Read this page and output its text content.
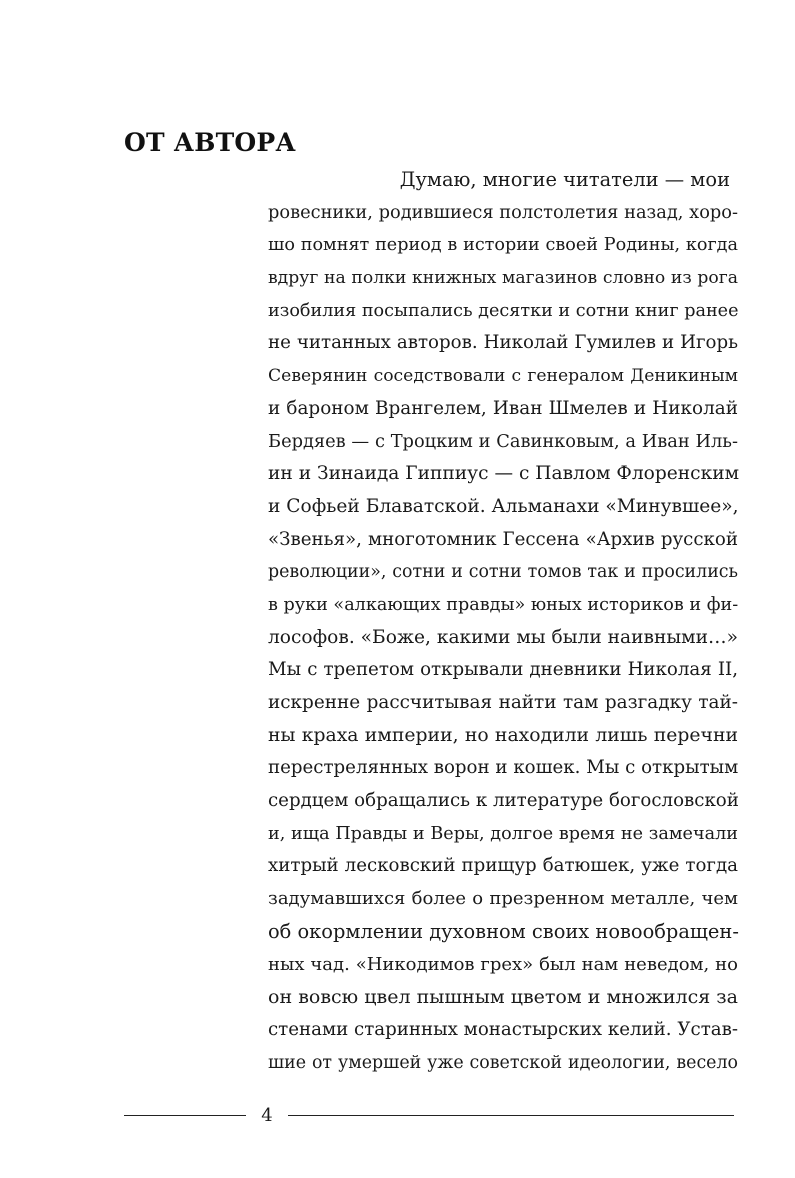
ОТ АВТОРА
Думаю, многие читатели — мои
ровесники, родившиеся полстолетия назад, хоро-
шо помнят период в истории своей Родины, когда
вдруг на полки книжных магазинов словно из рога
изобилия посыпались десятки и сотни книг ранее
не читанных авторов. Николай Гумилев и Игорь
Северянин соседствовали с генералом Деникиным
и бароном Врангелем, Иван Шмелев и Николай
Бердяев — с Троцким и Савинковым, а Иван Иль-
ин и Зинаида Гиппиус — с Павлом Флоренским
и Софьей Блаватской. Альманахи «Минувшее»,
«Звенья», многотомник Гессена «Архив русской
революции», сотни и сотни томов так и просились
в руки «алкающих правды» юных историков и фи-
лософов. «Боже, какими мы были наивными…»
Мы с трепетом открывали дневники Николая II,
искренне рассчитывая найти там разгадку тай-
ны краха империи, но находили лишь перечни
перестрелянных ворон и кошек. Мы с открытым
сердцем обращались к литературе богословской
и, ища Правды и Веры, долгое время не замечали
хитрый лесковский прищур батюшек, уже тогда
задумавшихся более о презренном металле, чем
об окормлении духовном своих новообращен-
ных чад. «Никодимов грех» был нам неведом, но
он вовсю цвел пышным цветом и множился за
стенами старинных монастырских келий. Устав-
шие от умершей уже советской идеологии, весело
4
